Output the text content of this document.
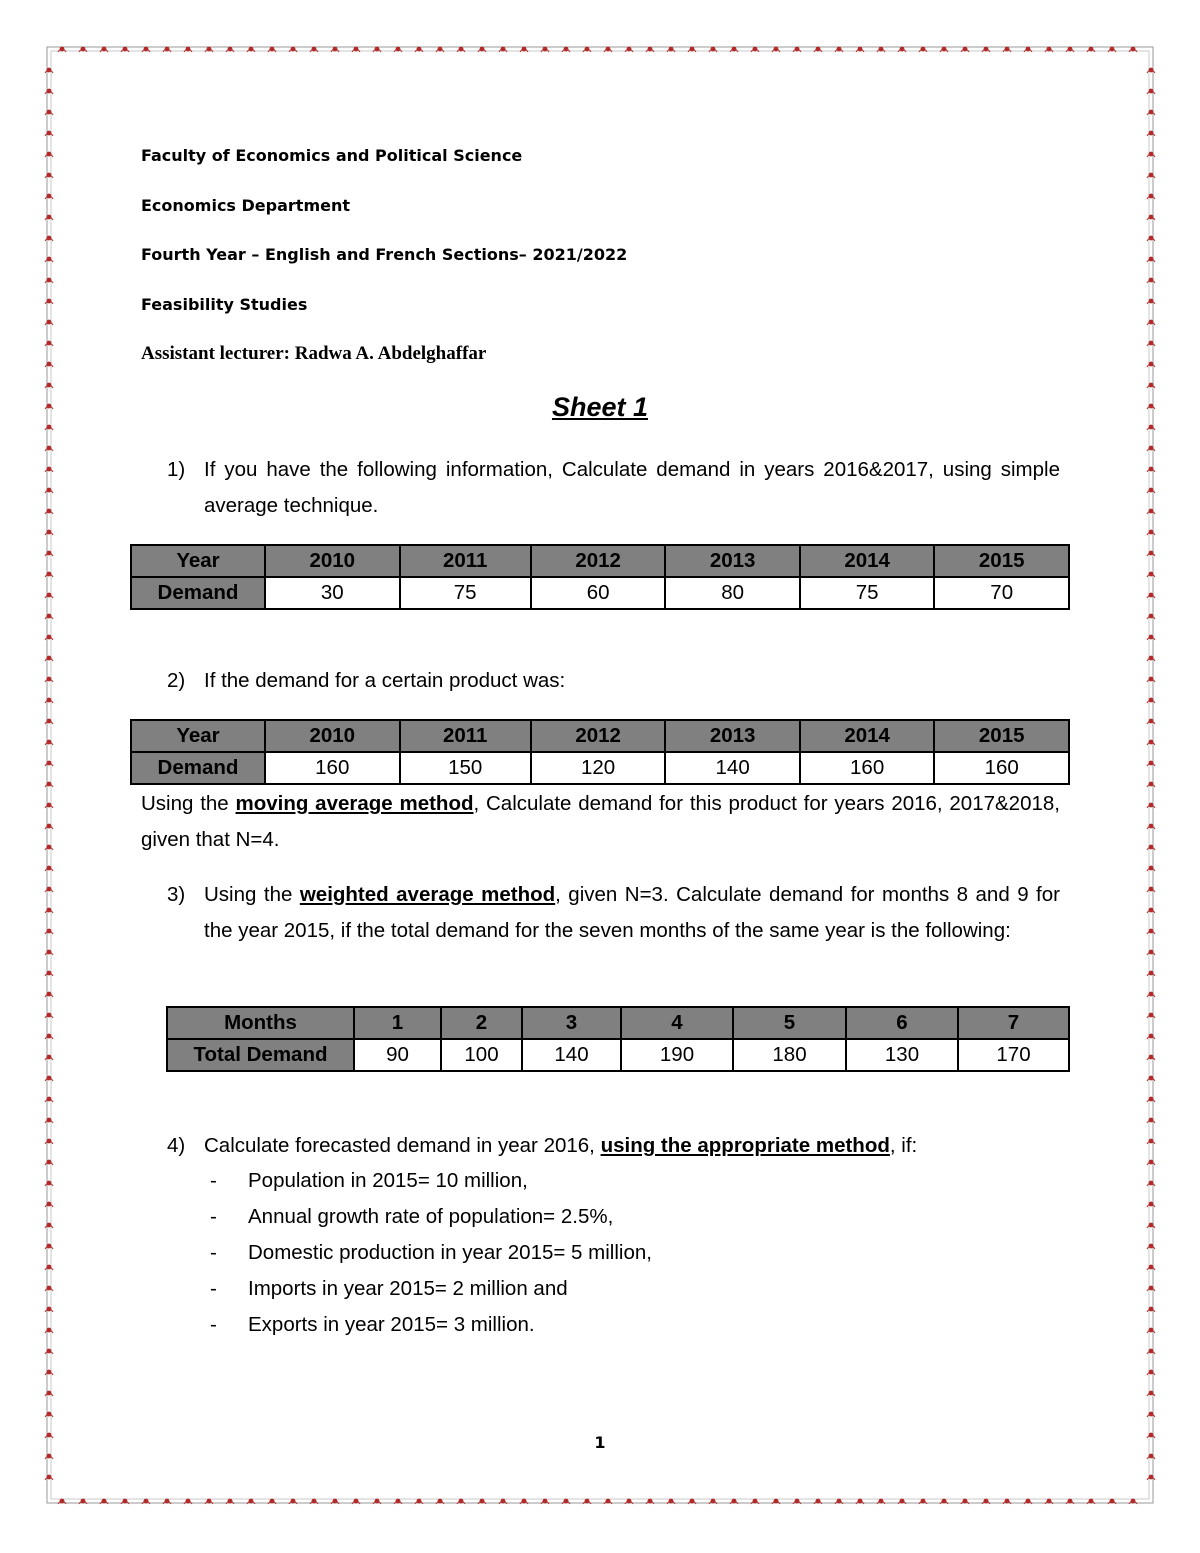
Faculty of Economics and Political Science

Economics Department

Fourth Year – English and French Sections– 2021/2022

Feasibility Studies

Assistant lecturer: Radwa A. Abdelghaffar

Sheet 1
1) If you have the following information, Calculate demand in years 2016&2017, using simple average technique.
Year	2010	2011	2012	2013	2014	2015
Demand	30	75	60	80	75	70
2) If the demand for a certain product was:
Year	2010	2011	2012	2013	2014	2015
Demand	160	150	120	140	160	160
Using the moving average method, Calculate demand for this product for years 2016, 2017&2018, given that N=4.
3) Using the weighted average method, given N=3. Calculate demand for months 8 and 9 for the year 2015, if the total demand for the seven months of the same year is the following:
Months	1	2	3	4	5	6	7
Total Demand	90	100	140	190	180	130	170
4) Calculate forecasted demand in year 2016, using the appropriate method, if:
- Population in 2015= 10 million,
- Annual growth rate of population= 2.5%,
- Domestic production in year 2015= 5 million,
- Imports in year 2015= 2 million and
- Exports in year 2015= 3 million.

1
